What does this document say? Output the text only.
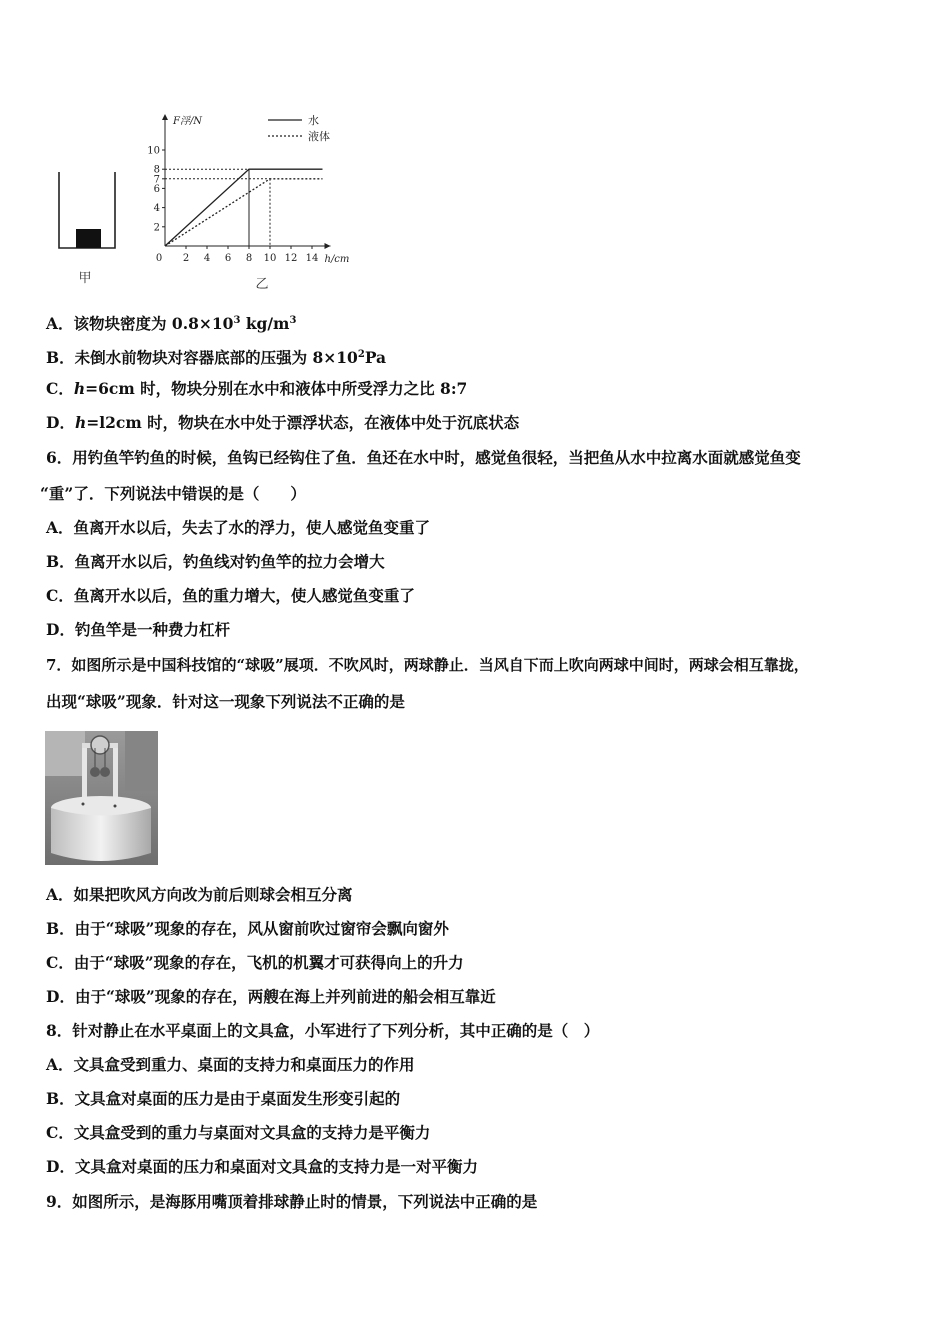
甲
10
8
7
6
4
2
0 2 4 6 8 10 12 14
F浮/N
h/cm
水
液体
乙
A．该物块密度为 $0.8\times 10^3$ $kg/m^3$
B．未倒水前物块对容器底部的压强为 $8\times 10^2Pa$
C．h=6cm 时，物块分别在水中和液体中所受浮力之比 8:7
D．h=l2cm 时，物块在水中处于漂浮状态，在液体中处于沉底状态
6．用钓鱼竿钓鱼的时候，鱼钩已经钩住了鱼．鱼还在水中时，感觉鱼很轻，当把鱼从水中拉离水面就感觉鱼变
“重”了．下列说法中错误的是（　　）
A．鱼离开水以后，失去了水的浮力，使人感觉鱼变重了
B．鱼离开水以后，钓鱼线对钓鱼竿的拉力会增大
C．鱼离开水以后，鱼的重力增大，使人感觉鱼变重了
D．钓鱼竿是一种费力杠杆
7．如图所示是中国科技馆的“球吸”展项．不吹风时，两球静止．当风自下而上吹向两球中间时，两球会相互靠拢，
出现“球吸”现象．针对这一现象下列说法不正确的是
A．如果把吹风方向改为前后则球会相互分离
B．由于“球吸”现象的存在，风从窗前吹过窗帘会飘向窗外
C．由于“球吸”现象的存在，飞机的机翼才可获得向上的升力
D．由于“球吸”现象的存在，两艘在海上并列前进的船会相互靠近
8．针对静止在水平桌面上的文具盒，小军进行了下列分析，其中正确的是（　）
A．文具盒受到重力、桌面的支持力和桌面压力的作用
B．文具盒对桌面的压力是由于桌面发生形变引起的
C．文具盒受到的重力与桌面对文具盒的支持力是平衡力
D．文具盒对桌面的压力和桌面对文具盒的支持力是一对平衡力
9．如图所示，是海豚用嘴顶着排球静止时的情景，下列说法中正确的是
